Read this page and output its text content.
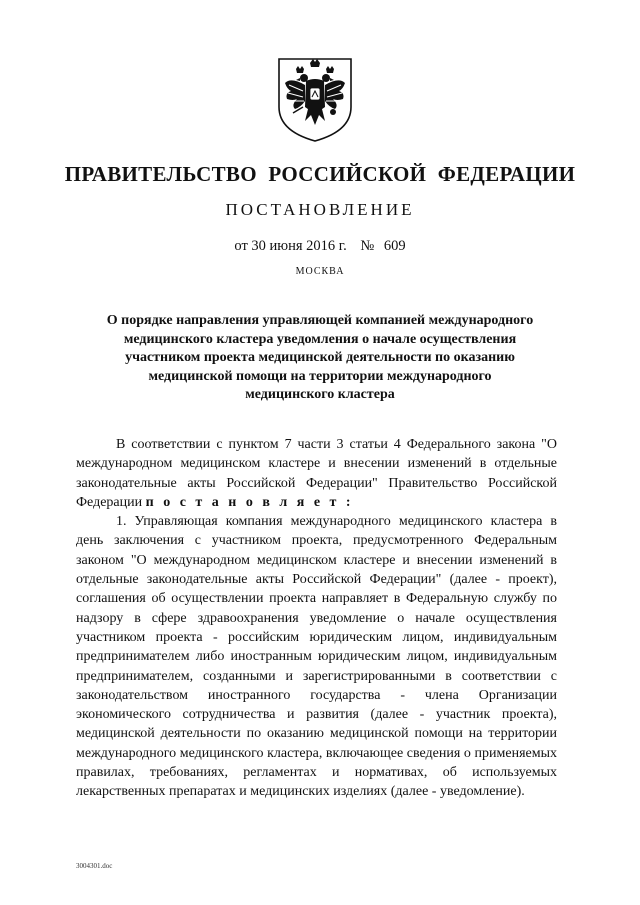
ПРАВИТЕЛЬСТВО РОССИЙСКОЙ ФЕДЕРАЦИИ
ПОСТАНОВЛЕНИЕ
от 30 июня 2016 г. № 609
МОСКВА
О порядке направления управляющей компанией международного
медицинского кластера уведомления о начале осуществления
участником проекта медицинской деятельности по оказанию
медицинской помощи на территории международного
медицинского кластера

В соответствии с пунктом 7 части 3 статьи 4 Федерального закона "О международном медицинском кластере и внесении изменений в отдельные законодательные акты Российской Федерации" Правительство Российской Федерации п о с т а н о в л я е т :

1. Управляющая компания международного медицинского кластера в день заключения с участником проекта, предусмотренного Федеральным законом "О международном медицинском кластере и внесении изменений в отдельные законодательные акты Российской Федерации" (далее - проект), соглашения об осуществлении проекта направляет в Федеральную службу по надзору в сфере здравоохранения уведомление о начале осуществления участником проекта - российским юридическим лицом, индивидуальным предпринимателем либо иностранным юридическим лицом, индивидуальным предпринимателем, созданными и зарегистрированными в соответствии с законодательством иностранного государства - члена Организации экономического сотрудничества и развития (далее - участник проекта), медицинской деятельности по оказанию медицинской помощи на территории международного медицинского кластера, включающее сведения о применяемых правилах, требованиях, регламентах и нормативах, об используемых лекарственных препаратах и медицинских изделиях (далее - уведомление).

3004301.doc
